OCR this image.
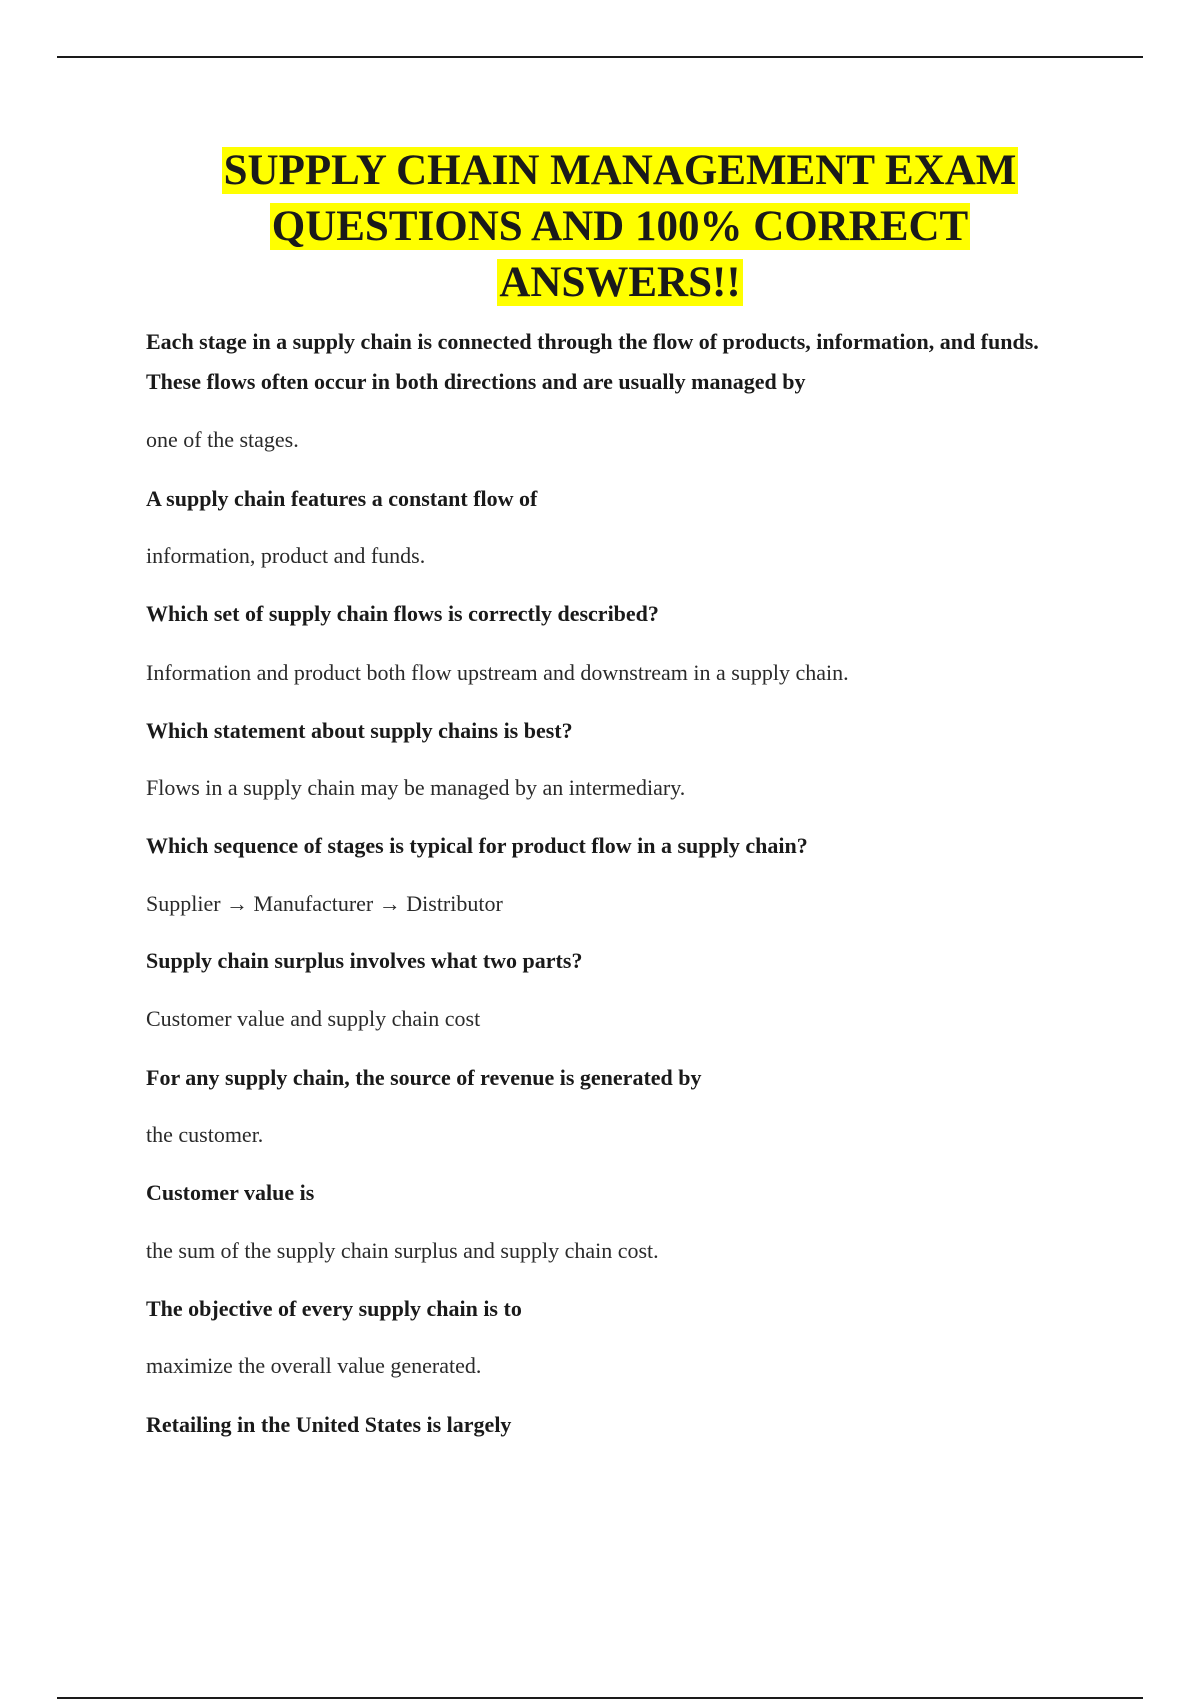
SUPPLY CHAIN MANAGEMENT EXAM
QUESTIONS AND 100% CORRECT
ANSWERS!!

Each stage in a supply chain is connected through the flow of products, information, and funds. These flows often occur in both directions and are usually managed by

one of the stages.

A supply chain features a constant flow of

information, product and funds.

Which set of supply chain flows is correctly described?

Information and product both flow upstream and downstream in a supply chain.

Which statement about supply chains is best?

Flows in a supply chain may be managed by an intermediary.

Which sequence of stages is typical for product flow in a supply chain?

Supplier → Manufacturer → Distributor

Supply chain surplus involves what two parts?

Customer value and supply chain cost

For any supply chain, the source of revenue is generated by

the customer.

Customer value is

the sum of the supply chain surplus and supply chain cost.

The objective of every supply chain is to

maximize the overall value generated.

Retailing in the United States is largely
